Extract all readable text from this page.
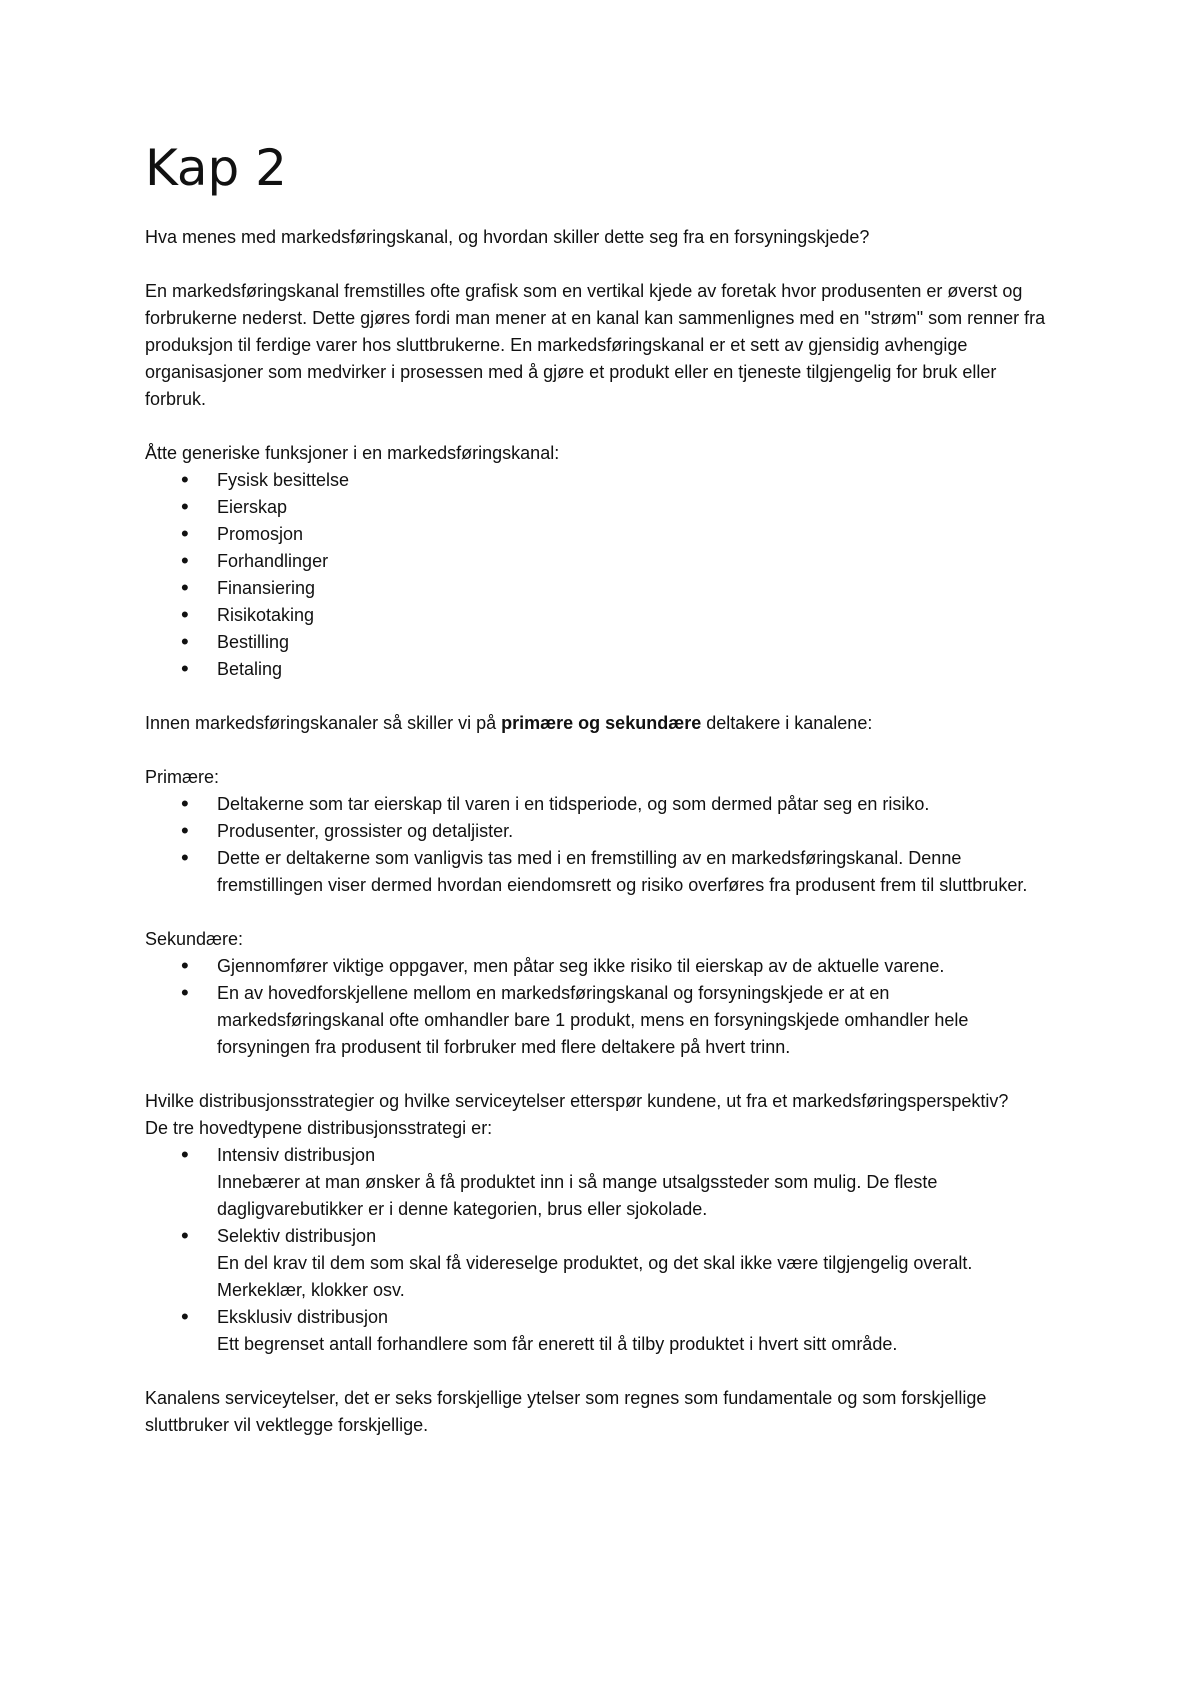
Kap 2

Hva menes med markedsføringskanal, og hvordan skiller dette seg fra en forsyningskjede?

En markedsføringskanal fremstilles ofte grafisk som en vertikal kjede av foretak hvor produsenten er øverst og forbrukerne nederst. Dette gjøres fordi man mener at en kanal kan sammenlignes med en "strøm" som renner fra produksjon til ferdige varer hos sluttbrukerne. En markedsføringskanal er et sett av gjensidig avhengige organisasjoner som medvirker i prosessen med å gjøre et produkt eller en tjeneste tilgjengelig for bruk eller forbruk.

Åtte generiske funksjoner i en markedsføringskanal:

• Fysisk besittelse
• Eierskap
• Promosjon
• Forhandlinger
• Finansiering
• Risikotaking
• Bestilling
• Betaling

Innen markedsføringskanaler så skiller vi på primære og sekundære deltakere i kanalene:

Primære:

• Deltakerne som tar eierskap til varen i en tidsperiode, og som dermed påtar seg en risiko.
• Produsenter, grossister og detaljister.
• Dette er deltakerne som vanligvis tas med i en fremstilling av en markedsføringskanal. Denne fremstillingen viser dermed hvordan eiendomsrett og risiko overføres fra produsent frem til sluttbruker.

Sekundære:

• Gjennomfører viktige oppgaver, men påtar seg ikke risiko til eierskap av de aktuelle varene.
• En av hovedforskjellene mellom en markedsføringskanal og forsyningskjede er at en markedsføringskanal ofte omhandler bare 1 produkt, mens en forsyningskjede omhandler hele forsyningen fra produsent til forbruker med flere deltakere på hvert trinn.

Hvilke distribusjonsstrategier og hvilke serviceytelser etterspør kundene, ut fra et markedsføringsperspektiv?

De tre hovedtypene distribusjonsstrategi er:

• Intensiv distribusjon
Innebærer at man ønsker å få produktet inn i så mange utsalgssteder som mulig. De fleste dagligvarebutikker er i denne kategorien, brus eller sjokolade.
• Selektiv distribusjon
En del krav til dem som skal få videreselge produktet, og det skal ikke være tilgjengelig overalt. Merkeklær, klokker osv.
• Eksklusiv distribusjon
Ett begrenset antall forhandlere som får enerett til å tilby produktet i hvert sitt område.

Kanalens serviceytelser, det er seks forskjellige ytelser som regnes som fundamentale og som forskjellige sluttbruker vil vektlegge forskjellige.
